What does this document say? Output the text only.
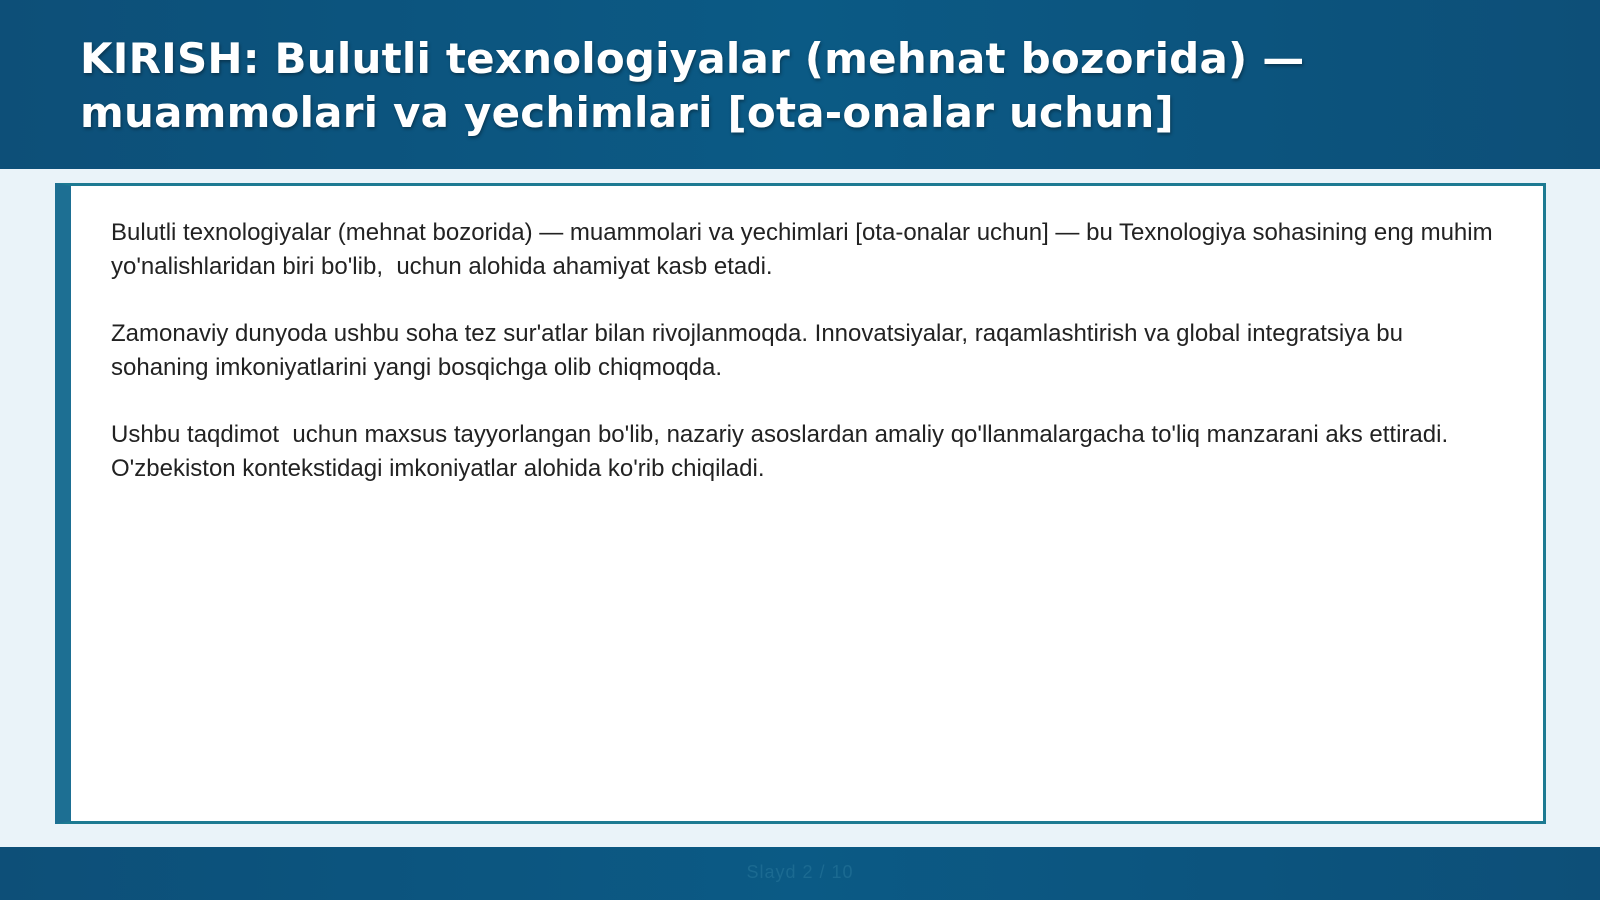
KIRISH: Bulutli texnologiyalar (mehnat bozorida) — muammolari va yechimlari [ota-onalar uchun]

Bulutli texnologiyalar (mehnat bozorida) — muammolari va yechimlari [ota-onalar uchun] — bu Texnologiya sohasining eng muhim yo'nalishlaridan biri bo'lib,  uchun alohida ahamiyat kasb etadi.

Zamonaviy dunyoda ushbu soha tez sur'atlar bilan rivojlanmoqda. Innovatsiyalar, raqamlashtirish va global integratsiya bu sohaning imkoniyatlarini yangi bosqichga olib chiqmoqda.

Ushbu taqdimot  uchun maxsus tayyorlangan bo'lib, nazariy asoslardan amaliy qo'llanmalargacha to'liq manzarani aks ettiradi. O'zbekiston kontekstidagi imkoniyatlar alohida ko'rib chiqiladi.

Slayd 2 / 10
